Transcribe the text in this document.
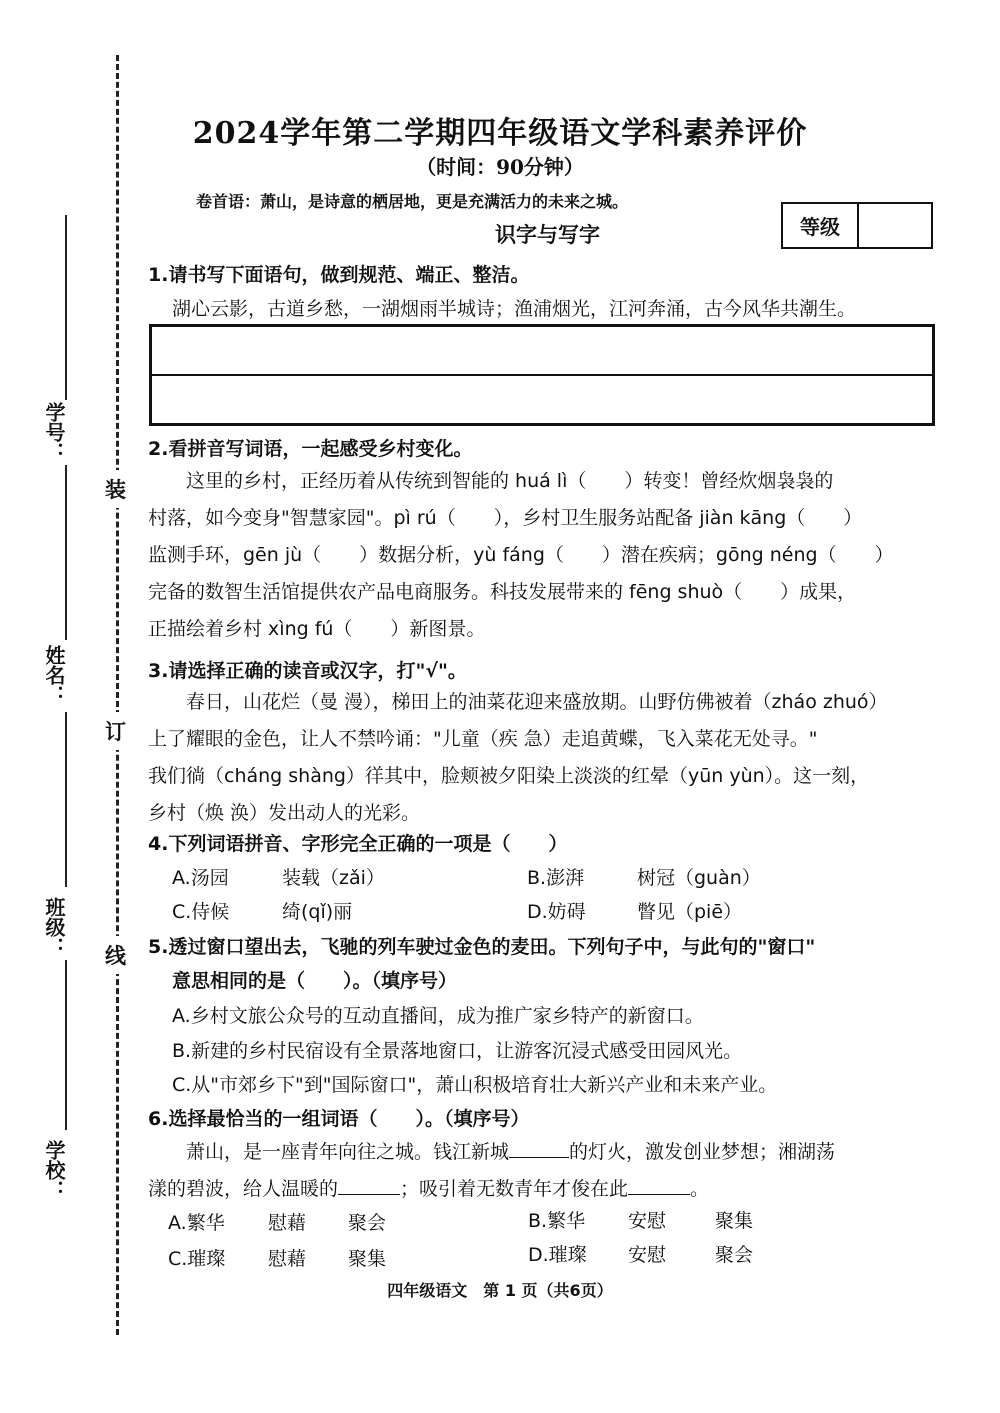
装
订
线
学号：
姓名：
班级：
学校：
2024学年第二学期四年级语文学科素养评价
（时间：90分钟）
卷首语：萧山，是诗意的栖居地，更是充满活力的未来之城。
等级
识字与写字
1.请书写下面语句，做到规范、端正、整洁。
湖心云影，古道乡愁，一湖烟雨半城诗；渔浦烟光，江河奔涌，古今风华共潮生。
2.看拼音写词语，一起感受乡村变化。
这里的乡村，正经历着从传统到智能的 huá lì（　　）转变！曾经炊烟袅袅的
村落，如今变身"智慧家园"。pì rú（　　），乡村卫生服务站配备 jiàn kāng（　　）
监测手环，gēn jù（　　）数据分析，yù fáng（　　）潜在疾病；gōng néng（　　）
完备的数智生活馆提供农产品电商服务。科技发展带来的 fēng shuò（　　）成果，
正描绘着乡村 xìng fú（　　）新图景。
3.请选择正确的读音或汉字，打"√"。
春日，山花烂（曼 漫），梯田上的油菜花迎来盛放期。山野仿佛被着（zháo zhuó）
上了耀眼的金色，让人不禁吟诵："儿童（疾 急）走追黄蝶，飞入菜花无处寻。"
我们徜（cháng shàng）徉其中，脸颊被夕阳染上淡淡的红晕（yūn yùn）。这一刻，
乡村（焕 涣）发出动人的光彩。
4.下列词语拼音、字形完全正确的一项是（　　）
A.汤园	装载（zǎi）	B.澎湃	树冠（guàn）
C.侍候	绮(qǐ)丽	D.妨碍	瞥见（piē）
5.透过窗口望出去，飞驰的列车驶过金色的麦田。下列句子中，与此句的"窗口"
意思相同的是（　　）。（填序号）
A.乡村文旅公众号的互动直播间，成为推广家乡特产的新窗口。
B.新建的乡村民宿设有全景落地窗口，让游客沉浸式感受田园风光。
C.从"市郊乡下"到"国际窗口"，萧山积极培育壮大新兴产业和未来产业。
6.选择最恰当的一组词语（　　）。（填序号）
萧山，是一座青年向往之城。钱江新城	的灯火，激发创业梦想；湘湖荡
漾的碧波，给人温暖的	；吸引着无数青年才俊在此	。
A.繁华 慰藉 聚会	B.繁华 安慰	聚集
C.璀璨 慰藉 聚集	D.璀璨 安慰	聚会
四年级语文　第 1 页（共6页）
